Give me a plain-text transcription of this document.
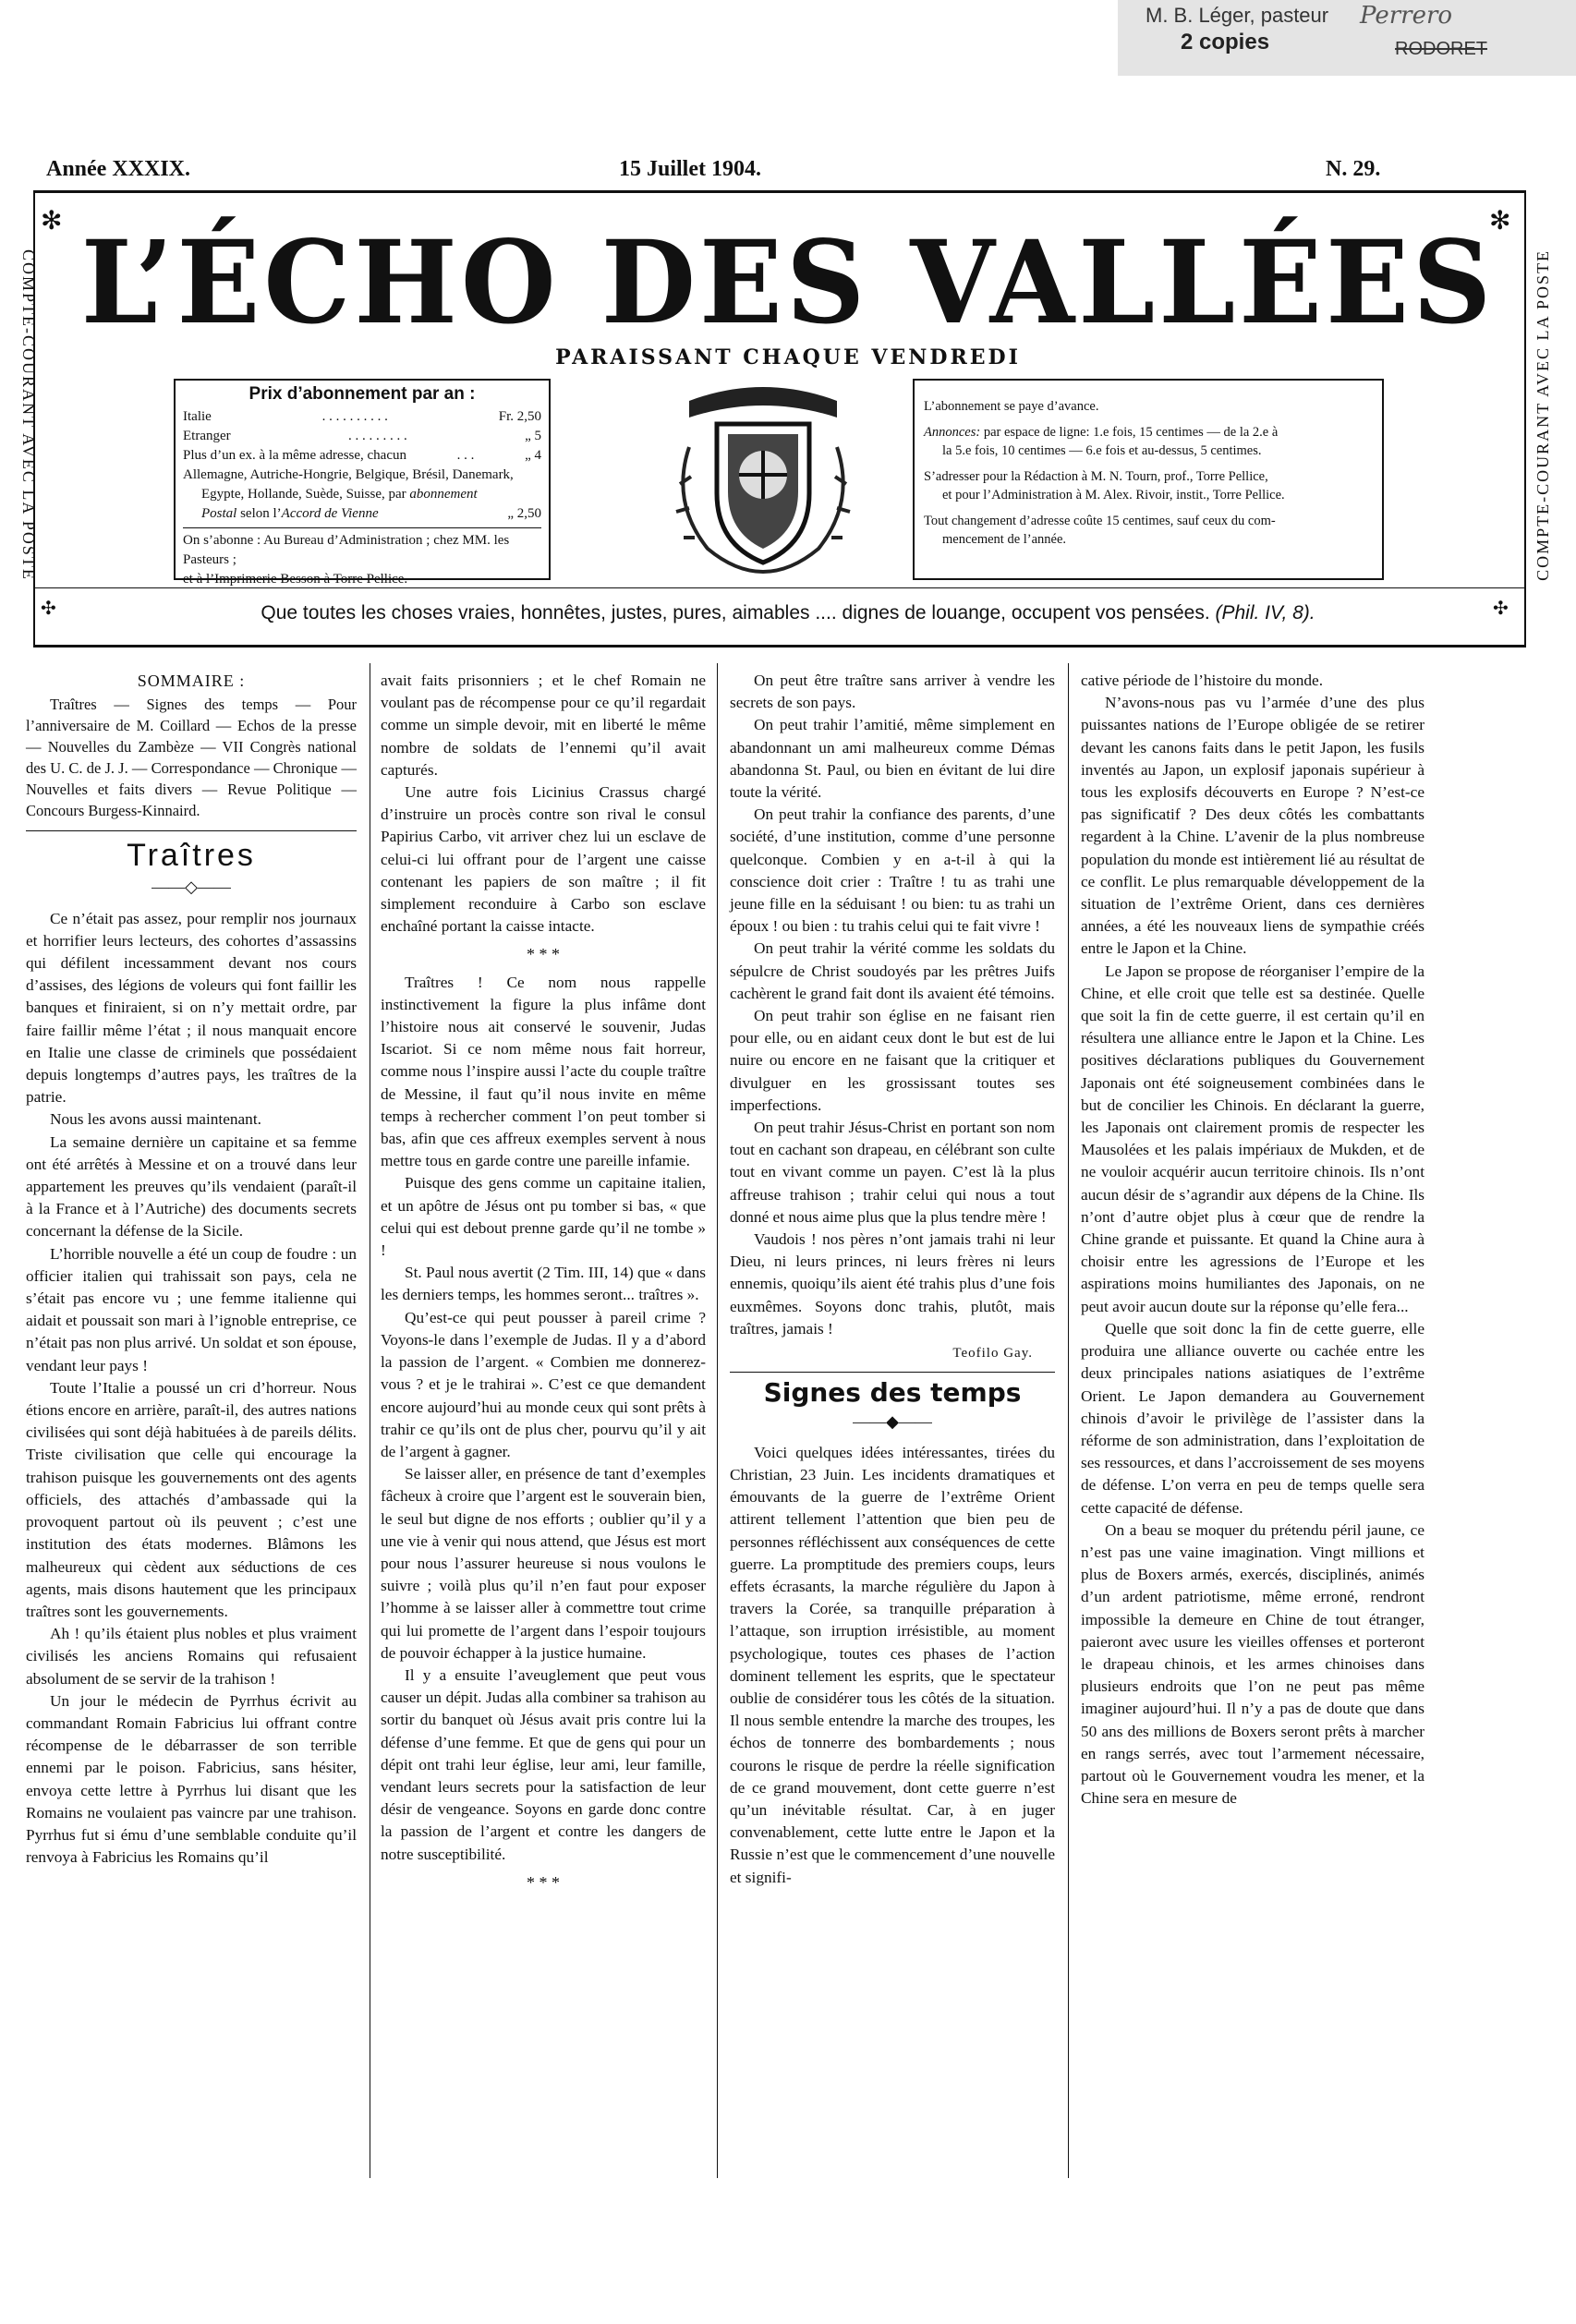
M. B. Léger, pasteur
2 copies
Perrero
RODORET
Année XXXIX.	15 Juillet 1904.	N. 29.
✻	✻
✣	✣
COMPTE-COURANT AVEC LA POSTE	COMPTE-COURANT AVEC LA POSTE
L’ÉCHO DES VALLÉES
PARAISSANT CHAQUE VENDREDI
Prix d’abonnement par an :
Italie	. . . . . . . . . .	Fr. 2,50
Etranger	. . . . . . . . .	„ 5
Plus d’un ex. à la même adresse, chacun	. . .	„ 4
Allemagne, Autriche-Hongrie, Belgique, Brésil, Danemark,
Egypte, Hollande, Suède, Suisse, par abonnement
Postal selon l’Accord de Vienne	„ 2,50
On s’abonne : Au Bureau d’Administration ; chez MM. les Pasteurs ;
et à l’Imprimerie Besson à Torre Pellice.
L’abonnement se paye d’avance.
Annonces: par espace de ligne: 1.e fois, 15 centimes — de la 2.e à
la 5.e fois, 10 centimes — 6.e fois et au-dessus, 5 centimes.
S’adresser pour la Rédaction à M. N. Tourn, prof., Torre Pellice,
et pour l’Administration à M. Alex. Rivoir, instit., Torre Pellice.
Tout changement d’adresse coûte 15 centimes, sauf ceux du com-
mencement de l’année.
Que toutes les choses vraies, honnêtes, justes, pures, aimables .... dignes de louange, occupent vos pensées. (Phil. IV, 8).
SOMMAIRE :

Traîtres — Signes des temps — Pour l’anniversaire de M. Coillard — Echos de la presse — Nouvelles du Zambèze — VII Congrès national des U. C. de J. J. — Correspondance — Chronique — Nouvelles et faits divers — Revue Politique — Concours Burgess-Kinnaird.

Traîtres
——◇——

Ce n’était pas assez, pour remplir nos journaux et horrifier leurs lecteurs, des cohortes d’assassins qui défilent incessamment devant nos cours d’assises, des légions de voleurs qui font faillir les banques et finiraient, si on n’y mettait ordre, par faire faillir même l’état ; il nous manquait encore en Italie une classe de criminels que possédaient depuis longtemps d’autres pays, les traîtres de la patrie.

Nous les avons aussi maintenant.

La semaine dernière un capitaine et sa femme ont été arrêtés à Messine et on a trouvé dans leur appartement les preuves qu’ils vendaient (paraît-il à la France et à l’Autriche) des documents secrets concernant la défense de la Sicile.

L’horrible nouvelle a été un coup de foudre : un officier italien qui trahissait son pays, cela ne s’était pas encore vu ; une femme italienne qui aidait et poussait son mari à l’ignoble entreprise, ce n’était pas non plus arrivé. Un soldat et son épouse, vendant leur pays !

Toute l’Italie a poussé un cri d’horreur. Nous étions encore en arrière, paraît-il, des autres nations civilisées qui sont déjà habituées à de pareils délits. Triste civilisation que celle qui encourage la trahison puisque les gouvernements ont des agents officiels, des attachés d’ambassade qui la provoquent partout où ils peuvent ; c’est une institution des états modernes. Blâmons les malheureux qui cèdent aux séductions de ces agents, mais disons hautement que les principaux traîtres sont les gouvernements.

Ah ! qu’ils étaient plus nobles et plus vraiment civilisés les anciens Romains qui refusaient absolument de se servir de la trahison !

Un jour le médecin de Pyrrhus écrivit au commandant Romain Fabricius lui offrant contre récompense de le débarrasser de son terrible ennemi par le poison. Fabricius, sans hésiter, envoya cette lettre à Pyrrhus lui disant que les Romains ne voulaient pas vaincre par une trahison. Pyrrhus fut si ému d’une semblable conduite qu’il renvoya à Fabricius les Romains qu’il

avait faits prisonniers ; et le chef Romain ne voulant pas de récompense pour ce qu’il regardait comme un simple devoir, mit en liberté le même nombre de soldats de l’ennemi qu’il avait capturés.

Une autre fois Licinius Crassus chargé d’instruire un procès contre son rival le consul Papirius Carbo, vit arriver chez lui un esclave de celui-ci lui offrant pour de l’argent une caisse contenant les papiers de son maître ; il fit simplement reconduire à Carbo son esclave enchaîné portant la caisse intacte.

* * *

Traîtres ! Ce nom nous rappelle instinctivement la figure la plus infâme dont l’histoire nous ait conservé le souvenir, Judas Iscariot. Si ce nom même nous fait horreur, comme nous l’inspire aussi l’acte du couple traître de Messine, il faut qu’il nous invite en même temps à rechercher comment l’on peut tomber si bas, afin que ces affreux exemples servent à nous mettre tous en garde contre une pareille infamie.

Puisque des gens comme un capitaine italien, et un apôtre de Jésus ont pu tomber si bas, « que celui qui est debout prenne garde qu’il ne tombe » !

St. Paul nous avertit (2 Tim. III, 14) que « dans les derniers temps, les hommes seront... traîtres ».

Qu’est-ce qui peut pousser à pareil crime ? Voyons-le dans l’exemple de Judas. Il y a d’abord la passion de l’argent. « Combien me donnerez-vous ? et je le trahirai ». C’est ce que demandent encore aujourd’hui au monde ceux qui sont prêts à trahir ce qu’ils ont de plus cher, pourvu qu’il y ait de l’argent à gagner.

Se laisser aller, en présence de tant d’exemples fâcheux à croire que l’argent est le souverain bien, le seul but digne de nos efforts ; oublier qu’il y a une vie à venir qui nous attend, que Jésus est mort pour nous l’assurer heureuse si nous voulons le suivre ; voilà plus qu’il n’en faut pour exposer l’homme à se laisser aller à commettre tout crime qui lui promette de l’argent dans l’espoir toujours de pouvoir échapper à la justice humaine.

Il y a ensuite l’aveuglement que peut vous causer un dépit. Judas alla combiner sa trahison au sortir du banquet où Jésus avait pris contre lui la défense d’une femme. Et que de gens qui pour un dépit ont trahi leur église, leur ami, leur famille, vendant leurs secrets pour la satisfaction de leur désir de vengeance. Soyons en garde donc contre la passion de l’argent et contre les dangers de notre susceptibilité.

* * *

On peut être traître sans arriver à vendre les secrets de son pays.

On peut trahir l’amitié, même simplement en abandonnant un ami malheureux comme Démas abandonna St. Paul, ou bien en évitant de lui dire toute la vérité.

On peut trahir la confiance des parents, d’une société, d’une institution, comme d’une personne quelconque. Combien y en a-t-il à qui la conscience doit crier : Traître ! tu as trahi une jeune fille en la séduisant ! ou bien: tu as trahi un époux ! ou bien : tu trahis celui qui te fait vivre !

On peut trahir la vérité comme les soldats du sépulcre de Christ soudoyés par les prêtres Juifs cachèrent le grand fait dont ils avaient été témoins.

On peut trahir son église en ne faisant rien pour elle, ou en aidant ceux dont le but est de lui nuire ou encore en ne faisant que la critiquer et divulguer en les grossissant toutes ses imperfections.

On peut trahir Jésus-Christ en portant son nom tout en cachant son drapeau, en célébrant son culte tout en vivant comme un payen. C’est là la plus affreuse trahison ; trahir celui qui nous a tout donné et nous aime plus que la plus tendre mère !

Vaudois ! nos pères n’ont jamais trahi ni leur Dieu, ni leurs princes, ni leurs frères ni leurs ennemis, quoiqu’ils aient été trahis plus d’une fois euxmêmes. Soyons donc trahis, plutôt, mais traîtres, jamais !

Teofilo Gay.
Signes des temps
——◆——

Voici quelques idées intéressantes, tirées du Christian, 23 Juin. Les incidents dramatiques et émouvants de la guerre de l’extrême Orient attirent tellement l’attention que bien peu de personnes réfléchissent aux conséquences de cette guerre. La promptitude des premiers coups, leurs effets écrasants, la marche régulière du Japon à travers la Corée, sa tranquille préparation à l’attaque, son irruption irrésistible, au moment psychologique, toutes ces phases de l’action dominent tellement les esprits, que le spectateur oublie de considérer tous les côtés de la situation. Il nous semble entendre la marche des troupes, les échos de tonnerre des bombardements ; nous courons le risque de perdre la réelle signification de ce grand mouvement, dont cette guerre n’est qu’un inévitable résultat. Car, à en juger convenablement, cette lutte entre le Japon et la Russie n’est que le commencement d’une nouvelle et signifi-

cative période de l’histoire du monde.

N’avons-nous pas vu l’armée d’une des plus puissantes nations de l’Europe obligée de se retirer devant les canons faits dans le petit Japon, les fusils inventés au Japon, un explosif japonais supérieur à tous les explosifs découverts en Europe ? N’est-ce pas significatif ? Des deux côtés les combattants regardent à la Chine. L’avenir de la plus nombreuse population du monde est intièrement lié au résultat de ce conflit. Le plus remarquable développement de la situation de l’extrême Orient, dans ces dernières années, a été les nouveaux liens de sympathie créés entre le Japon et la Chine.

Le Japon se propose de réorganiser l’empire de la Chine, et elle croit que telle est sa destinée. Quelle que soit la fin de cette guerre, il est certain qu’il en résultera une alliance entre le Japon et la Chine. Les positives déclarations publiques du Gouvernement Japonais ont été soigneusement combinées dans le but de concilier les Chinois. En déclarant la guerre, les Japonais ont clairement promis de respecter les Mausolées et les palais impériaux de Mukden, et de ne vouloir acquérir aucun territoire chinois. Ils n’ont aucun désir de s’agrandir aux dépens de la Chine. Ils n’ont d’autre objet plus à cœur que de rendre la Chine grande et puissante. Et quand la Chine aura à choisir entre les agressions de l’Europe et les aspirations moins humiliantes des Japonais, on ne peut avoir aucun doute sur la réponse qu’elle fera...

Quelle que soit donc la fin de cette guerre, elle produira une alliance ouverte ou cachée entre les deux principales nations asiatiques de l’extrême Orient. Le Japon demandera au Gouvernement chinois d’avoir le privilège de l’assister dans la réforme de son administration, dans l’exploitation de ses ressources, et dans l’accroissement de ses moyens de défense. L’on verra en peu de temps quelle sera cette capacité de défense.

On a beau se moquer du prétendu péril jaune, ce n’est pas une vaine imagination. Vingt millions et plus de Boxers armés, exercés, disciplinés, animés d’un ardent patriotisme, même erroné, rendront impossible la demeure en Chine de tout étranger, paieront avec usure les vieilles offenses et porteront le drapeau chinois, et les armes chinoises dans plusieurs endroits que l’on ne peut pas même imaginer aujourd’hui. Il n’y a pas de doute que dans 50 ans des millions de Boxers seront prêts à marcher en rangs serrés, avec tout l’armement nécessaire, partout où le Gouvernement voudra les mener, et la Chine sera en mesure de
